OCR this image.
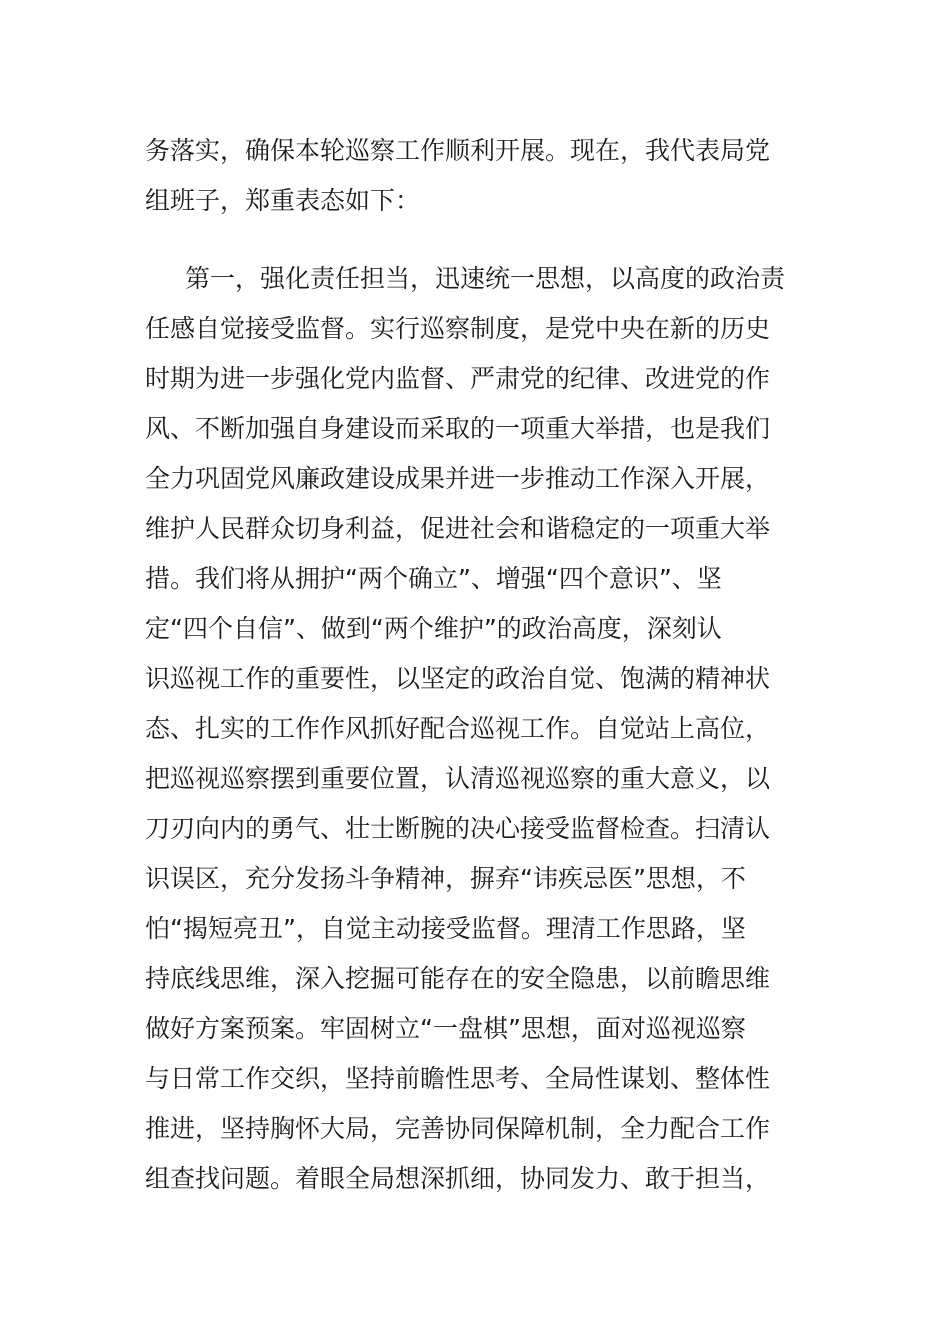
务落实，确保本轮巡察工作顺利开展。现在，我代表局党
组班子，郑重表态如下：
第一，强化责任担当，迅速统一思想，以高度的政治责
任感自觉接受监督。实行巡察制度，是党中央在新的历史
时期为进一步强化党内监督、严肃党的纪律、改进党的作
风、不断加强自身建设而采取的一项重大举措，也是我们
全力巩固党风廉政建设成果并进一步推动工作深入开展，
维护人民群众切身利益，促进社会和谐稳定的一项重大举
措。我们将从拥护“两个确立”、增强“四个意识”、坚
定“四个自信”、做到“两个维护”的政治高度，深刻认
识巡视工作的重要性，以坚定的政治自觉、饱满的精神状
态、扎实的工作作风抓好配合巡视工作。自觉站上高位，
把巡视巡察摆到重要位置，认清巡视巡察的重大意义，以
刀刃向内的勇气、壮士断腕的决心接受监督检查。扫清认
识误区，充分发扬斗争精神，摒弃“讳疾忌医”思想，不
怕“揭短亮丑”，自觉主动接受监督。理清工作思路，坚
持底线思维，深入挖掘可能存在的安全隐患，以前瞻思维
做好方案预案。牢固树立“一盘棋”思想，面对巡视巡察
与日常工作交织，坚持前瞻性思考、全局性谋划、整体性
推进，坚持胸怀大局，完善协同保障机制，全力配合工作
组查找问题。着眼全局想深抓细，协同发力、敢于担当，
